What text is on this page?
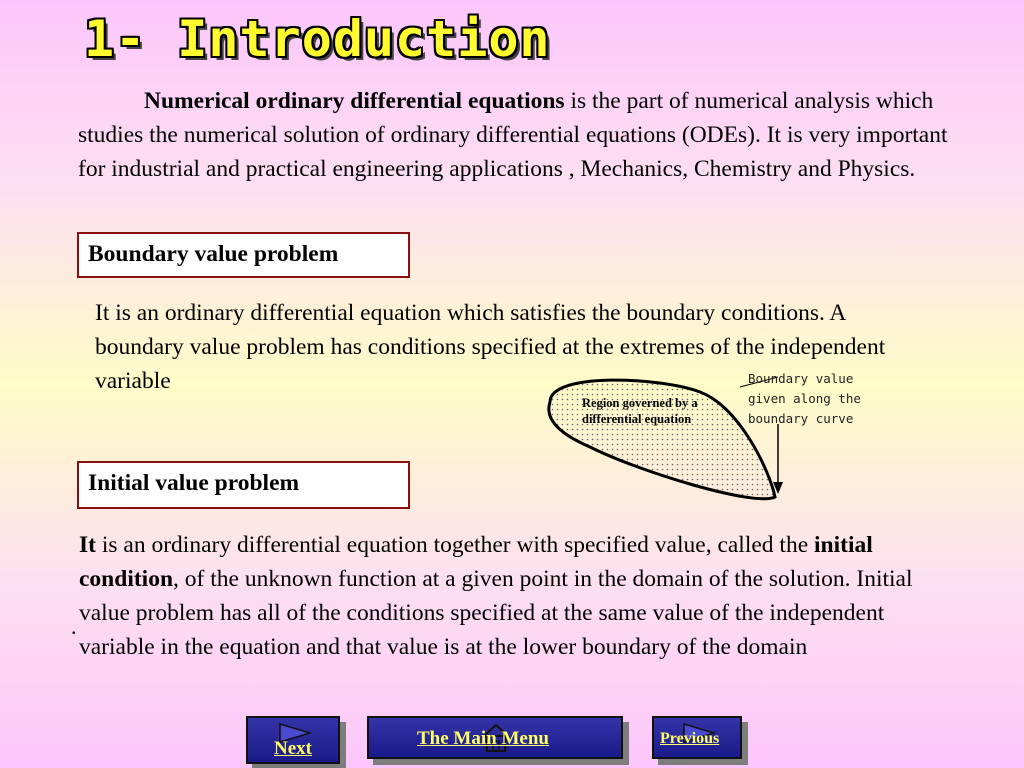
1- Introduction

Numerical ordinary differential equations is the part of numerical analysis which studies the numerical solution of ordinary differential equations (ODEs). It is very important for industrial and practical engineering applications , Mechanics, Chemistry and Physics.

Boundary value problem

It is an ordinary differential equation which satisfies the boundary conditions. A boundary value problem has conditions specified at the extremes of the independent variable

Region governed by a differential equation
Boundary value given along the boundary curve
Initial value problem

It is an ordinary differential equation together with specified value, called the initial condition, of the unknown function at a given point in the domain of the solution. Initial value problem has all of the conditions specified at the same value of the independent variable in the equation and that value is at the lower boundary of the domain

.
Next	The Main Menu	Previous
